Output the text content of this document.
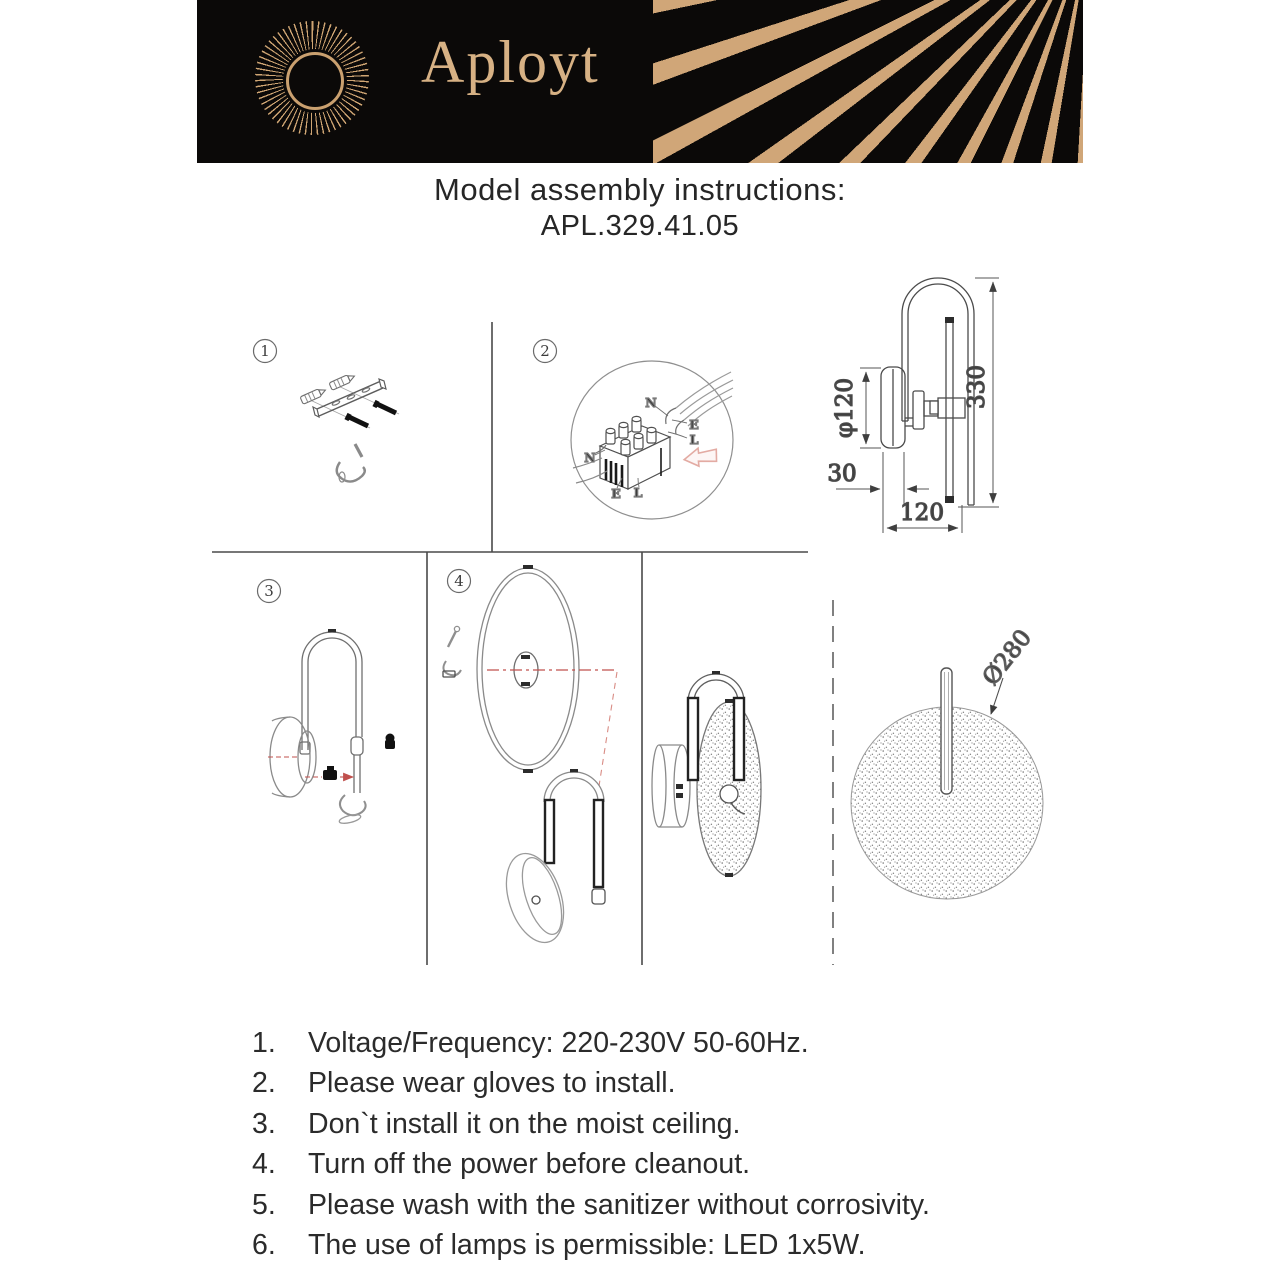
Aployt
Model assembly instructions:
APL.329.41.05
1	2
3
4
N
E
L
N
E L
330
φ120
30
120
Ø280
1.	Voltage/Frequency: 220-230V 50-60Hz.
2.	Please wear gloves to install.
3.	Don`t install it on the moist ceiling.
4.	Turn off the power before cleanout.
5.	Please wash with the sanitizer without corrosivity.
6.	The use of lamps is permissible: LED 1x5W.
